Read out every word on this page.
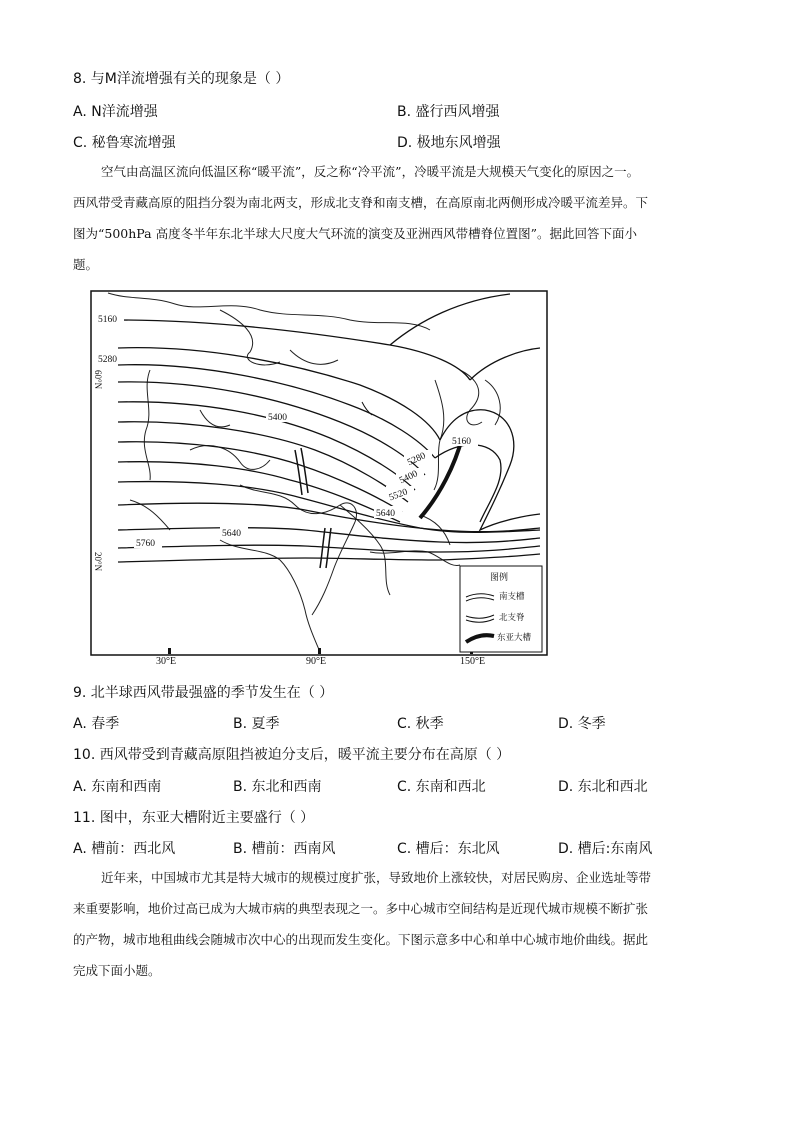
8. 与M洋流增强有关的现象是（ ）
A. N洋流增强	B. 盛行西风增强
C. 秘鲁寒流增强	D. 极地东风增强
空气由高温区流向低温区称“暖平流”，反之称“冷平流”，冷暖平流是大规模天气变化的原因之一。
西风带受青藏高原的阻挡分裂为南北两支，形成北支脊和南支槽，在高原南北两侧形成冷暖平流差异。下
图为“500hPa 高度冬半年东北半球大尺度大气环流的演变及亚洲西风带槽脊位置图”。据此回答下面小
题。
5160
5280
5400
5640
5760
5160
5280
5400
5520
5640
60°N
20°N
图例
南支槽
北支脊
东亚大槽
30°E	90°E	150°E
9. 北半球西风带最强盛的季节发生在（ ）
A. 春季	B. 夏季	C. 秋季	D. 冬季
10. 西风带受到青藏高原阻挡被迫分支后，暖平流主要分布在高原（ ）
A. 东南和西南	B. 东北和西南	C. 东南和西北	D. 东北和西北
11. 图中，东亚大槽附近主要盛行（ ）
A. 槽前：西北风	B. 槽前：西南风	C. 槽后：东北风	D. 槽后:东南风
近年来，中国城市尤其是特大城市的规模过度扩张，导致地价上涨较快，对居民购房、企业选址等带
来重要影响，地价过高已成为大城市病的典型表现之一。多中心城市空间结构是近现代城市规模不断扩张
的产物，城市地租曲线会随城市次中心的出现而发生变化。下图示意多中心和单中心城市地价曲线。据此
完成下面小题。
